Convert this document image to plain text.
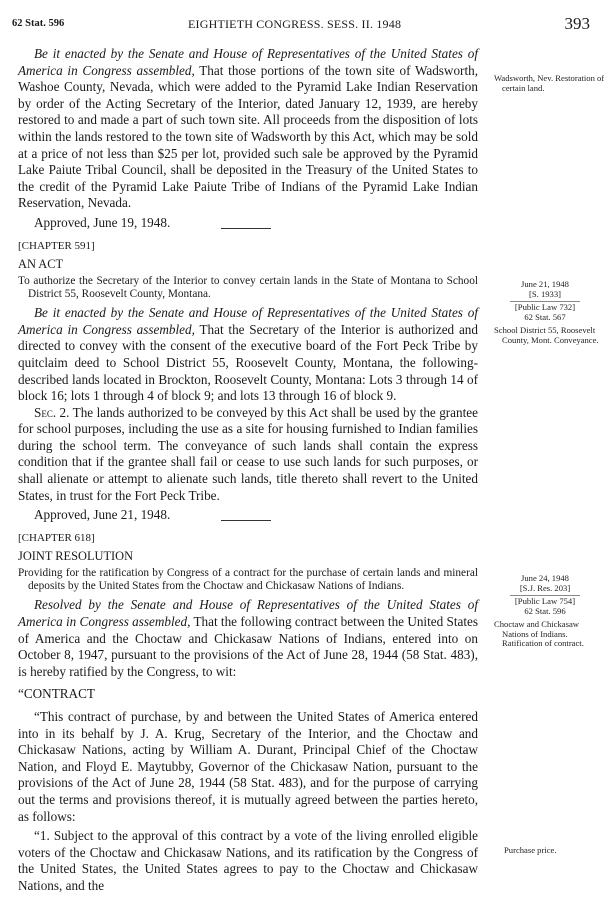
62 Stat. 596	EIGHTIETH CONGRESS. SESS. II. 1948	393

Be it enacted by the Senate and House of Representatives of the United States of America in Congress assembled, That those portions of the town site of Wadsworth, Washoe County, Nevada, which were added to the Pyramid Lake Indian Reservation by order of the Acting Secretary of the Interior, dated January 12, 1939, are hereby restored to and made a part of such town site. All proceeds from the disposition of lots within the lands restored to the town site of Wadsworth by this Act, which may be sold at a price of not less than $25 per lot, provided such sale be approved by the Pyramid Lake Paiute Tribal Council, shall be deposited in the Treasury of the United States to the credit of the Pyramid Lake Paiute Tribe of Indians of the Pyramid Lake Indian Reservation, Nevada.

Approved, June 19, 1948.

[CHAPTER 591]

AN ACT

To authorize the Secretary of the Interior to convey certain lands in the State of Montana to School District 55, Roosevelt County, Montana.

Be it enacted by the Senate and House of Representatives of the United States of America in Congress assembled, That the Secretary of the Interior is authorized and directed to convey with the consent of the executive board of the Fort Peck Tribe by quitclaim deed to School District 55, Roosevelt County, Montana, the following-described lands located in Brockton, Roosevelt County, Montana: Lots 3 through 14 of block 16; lots 1 through 4 of block 9; and lots 13 through 16 of block 9.

Sec. 2. The lands authorized to be conveyed by this Act shall be used by the grantee for school purposes, including the use as a site for housing furnished to Indian families during the school term. The conveyance of such lands shall contain the express condition that if the grantee shall fail or cease to use such lands for such purposes, or shall alienate or attempt to alienate such lands, title thereto shall revert to the United States, in trust for the Fort Peck Tribe.

Approved, June 21, 1948.

[CHAPTER 618]

JOINT RESOLUTION

Providing for the ratification by Congress of a contract for the purchase of certain lands and mineral deposits by the United States from the Choctaw and Chickasaw Nations of Indians.

Resolved by the Senate and House of Representatives of the United States of America in Congress assembled, That the following contract between the United States of America and the Choctaw and Chickasaw Nations of Indians, entered into on October 8, 1947, pursuant to the provisions of the Act of June 28, 1944 (58 Stat. 483), is hereby ratified by the Congress, to wit:

“CONTRACT

“This contract of purchase, by and between the United States of America entered into in its behalf by J. A. Krug, Secretary of the Interior, and the Choctaw and Chickasaw Nations, acting by William A. Durant, Principal Chief of the Choctaw Nation, and Floyd E. Maytubby, Governor of the Chickasaw Nation, pursuant to the provisions of the Act of June 28, 1944 (58 Stat. 483), and for the purpose of carrying out the terms and provisions thereof, it is mutually agreed between the parties hereto, as follows:

“1. Subject to the approval of this contract by a vote of the living enrolled eligible voters of the Choctaw and Chickasaw Nations, and its ratification by the Congress of the United States, the United States agrees to pay to the Choctaw and Chickasaw Nations, and the

Wadsworth, Nev. Restoration of certain land.
June 21, 1948
[S. 1933]
[Public Law 732]
62 Stat. 567
School District 55, Roosevelt County, Mont. Conveyance.
June 24, 1948
[S.J. Res. 203]
[Public Law 754]
62 Stat. 596
Choctaw and Chickasaw Nations of Indians. Ratification of contract.
Purchase price.
